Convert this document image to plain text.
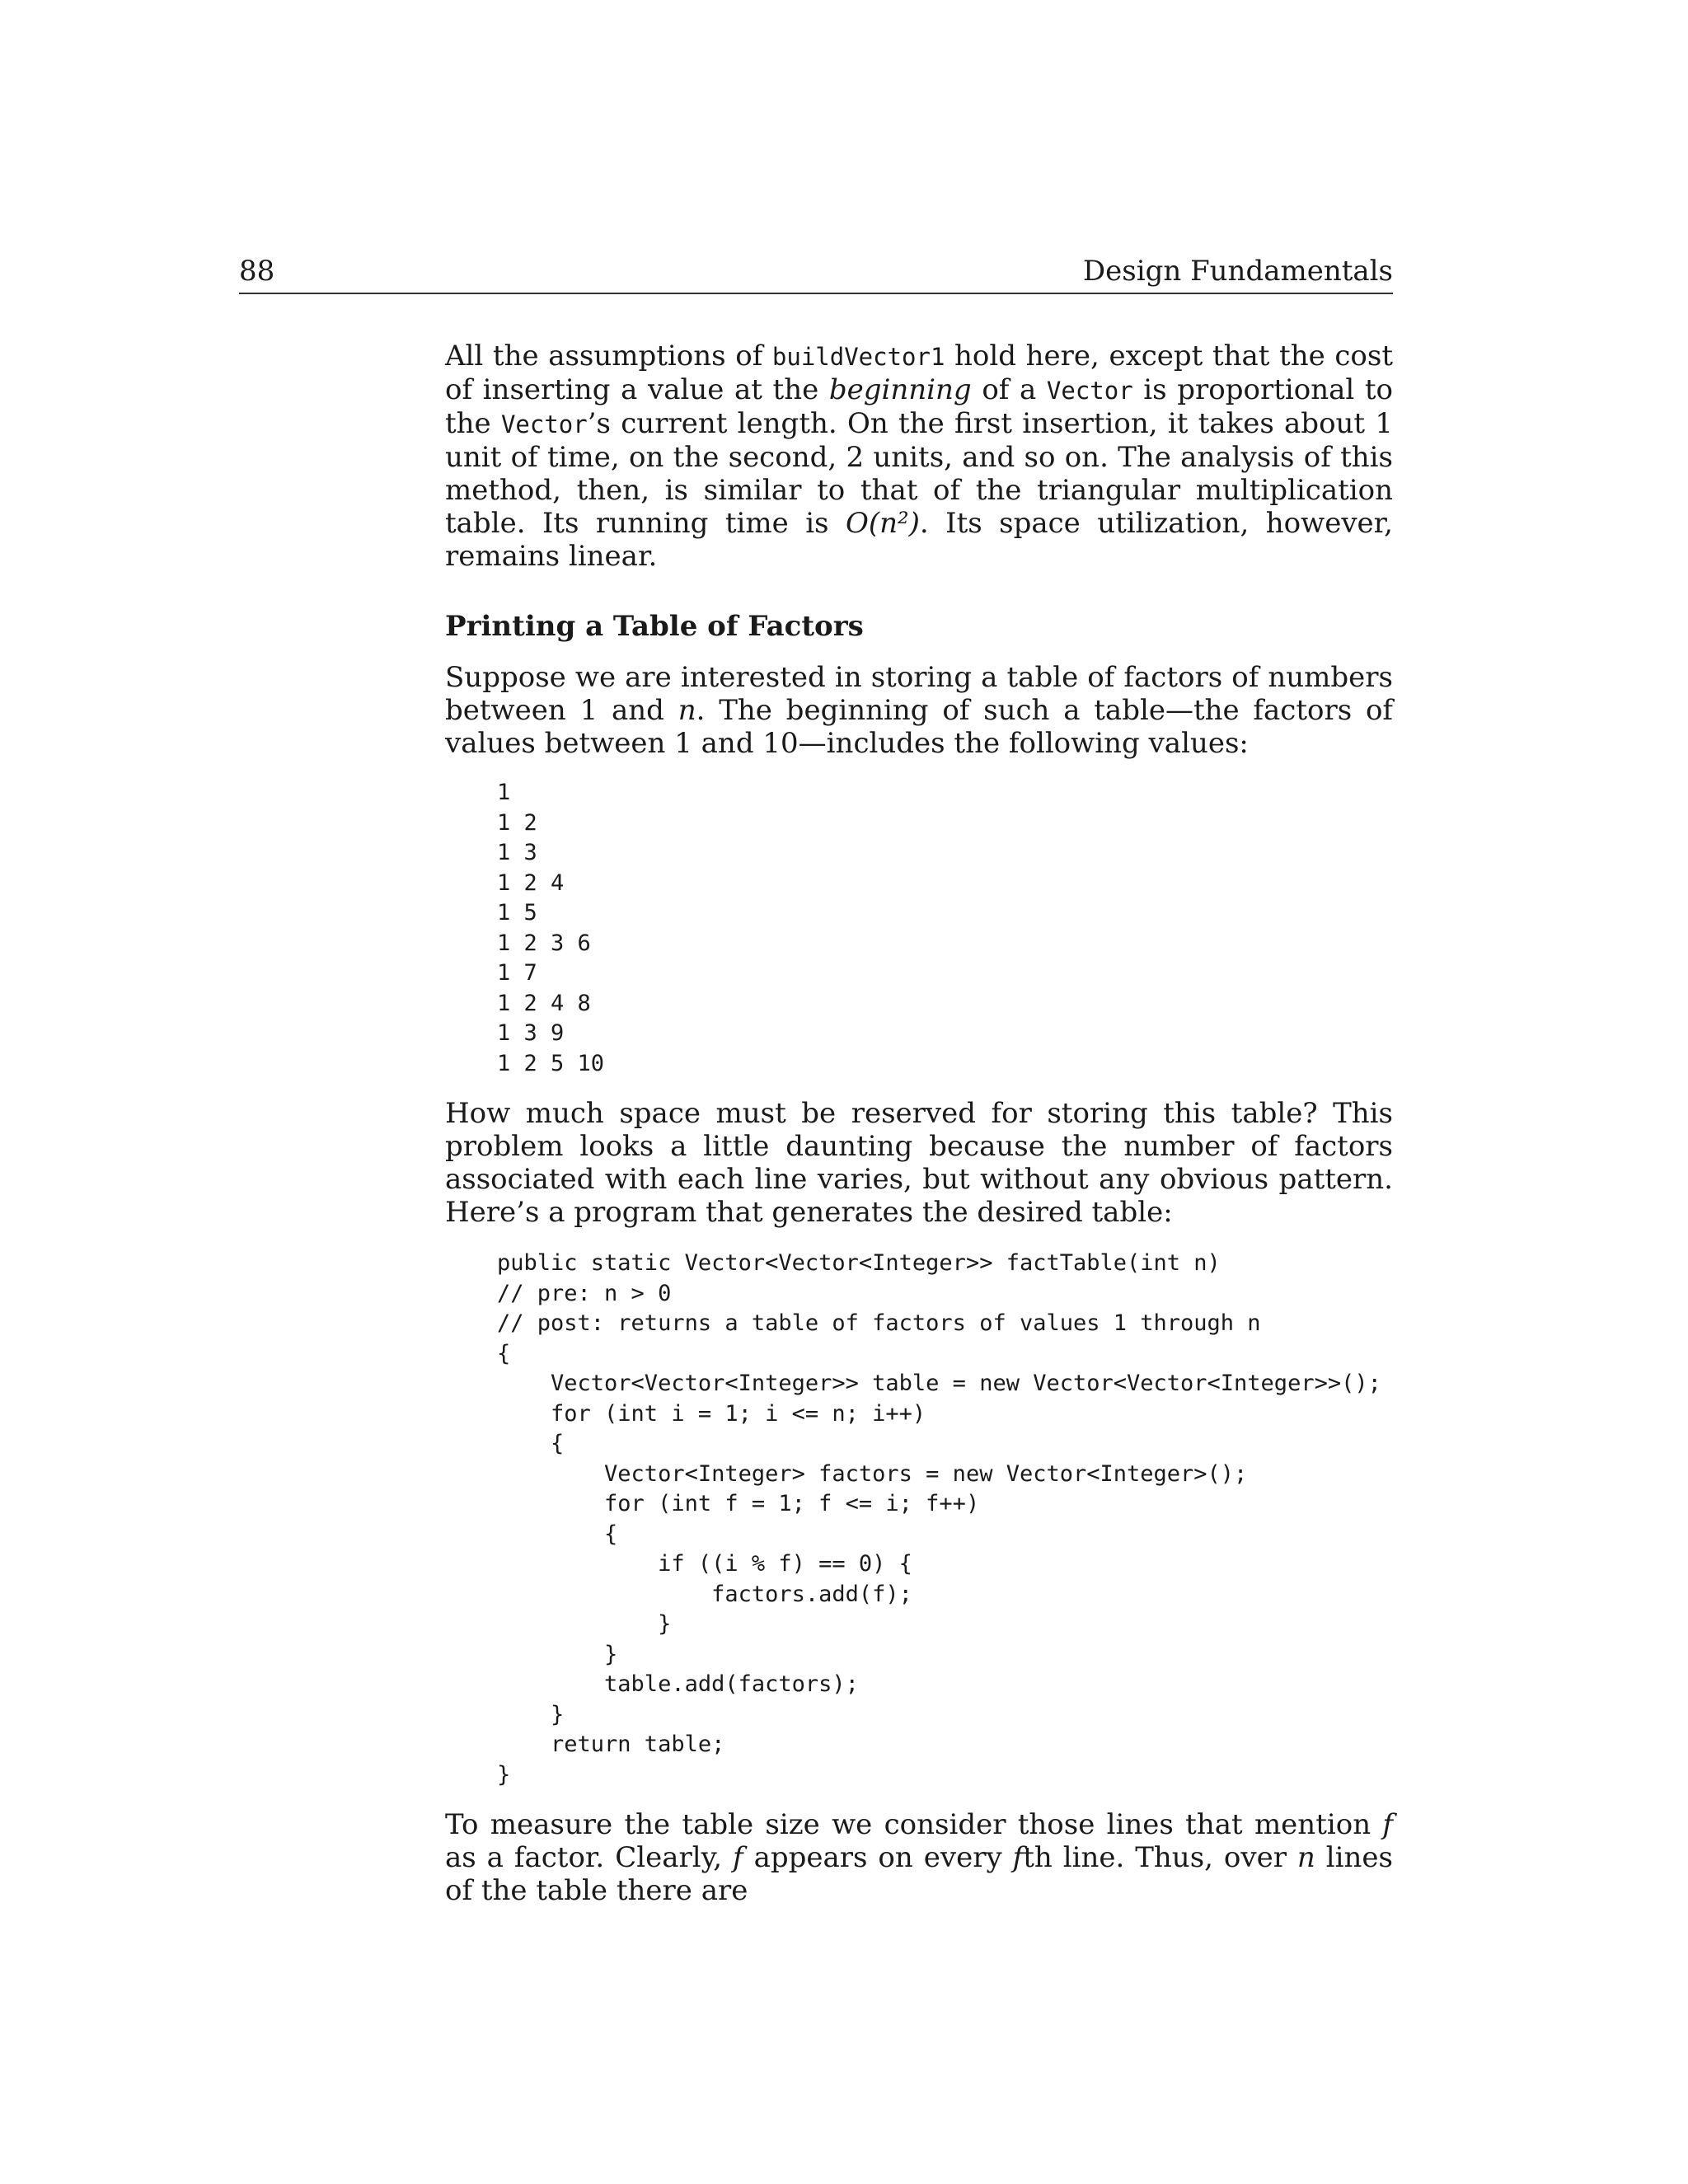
88	Design Fundamentals

All the assumptions of buildVector1 hold here, except that the cost of inserting a value at the beginning of a Vector is proportional to the Vector’s current length. On the first insertion, it takes about 1 unit of time, on the second, 2 units, and so on. The analysis of this method, then, is similar to that of the triangular multiplication table. Its running time is O(n²). Its space utilization, however, remains linear.

Printing a Table of Factors

Suppose we are interested in storing a table of factors of numbers between 1 and n. The beginning of such a table—the factors of values between 1 and 10—includes the following values:

1
1 2
1 3
1 2 4
1 5
1 2 3 6
1 7
1 2 4 8
1 3 9
1 2 5 10

How much space must be reserved for storing this table? This problem looks a little daunting because the number of factors associated with each line varies, but without any obvious pattern. Here’s a program that generates the desired table:

public static Vector<Vector<Integer>> factTable(int n)
// pre: n > 0
// post: returns a table of factors of values 1 through n
{
Vector<Vector<Integer>> table = new Vector<Vector<Integer>>();
for (int i = 1; i <= n; i++)
{
Vector<Integer> factors = new Vector<Integer>();
for (int f = 1; f <= i; f++)
{
if ((i % f) == 0) {
factors.add(f);
}
}
table.add(factors);
}
return table;
}

To measure the table size we consider those lines that mention f as a factor. Clearly, f appears on every fth line. Thus, over n lines of the table there are
